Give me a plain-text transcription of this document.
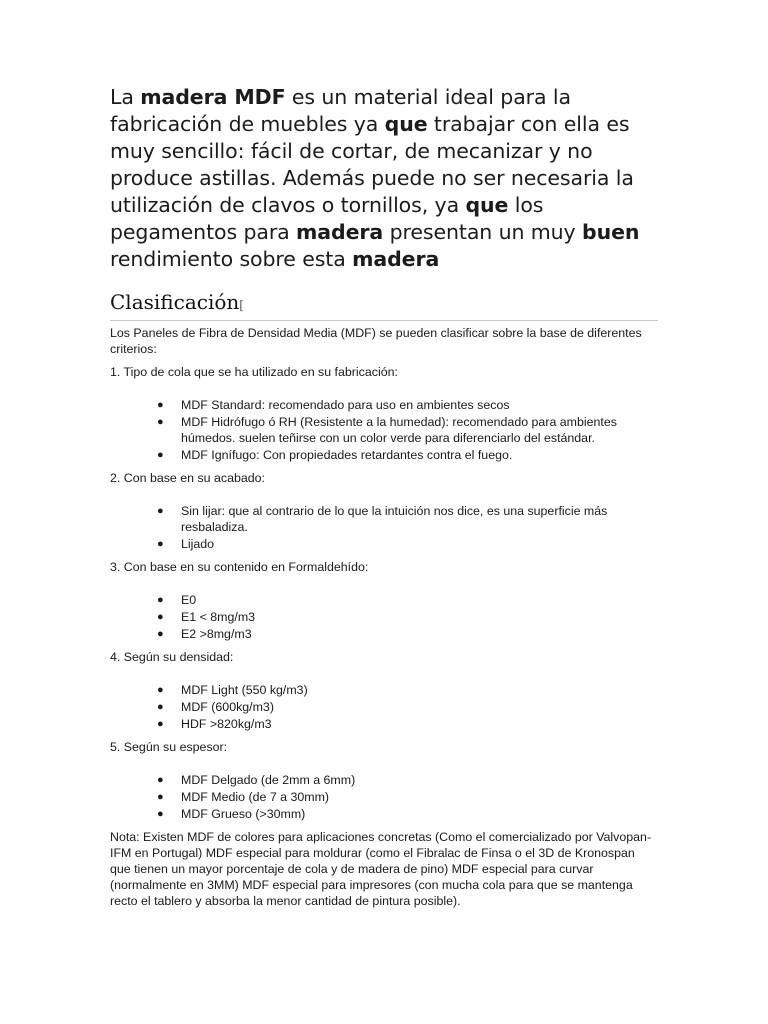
La madera MDF es un material ideal para la fabricación de muebles ya que trabajar con ella es muy sencillo: fácil de cortar, de mecanizar y no produce astillas. Además puede no ser necesaria la utilización de clavos o tornillos, ya que los pegamentos para madera presentan un muy buen rendimiento sobre esta madera

Clasificación[
Los Paneles de Fibra de Densidad Media (MDF) se pueden clasificar sobre la base de diferentes criterios:
1. Tipo de cola que se ha utilizado en su fabricación:
● MDF Standard: recomendado para uso en ambientes secos
● MDF Hidrófugo ó RH (Resistente a la humedad): recomendado para ambientes húmedos. suelen teñirse con un color verde para diferenciarlo del estándar.
● MDF Ignífugo: Con propiedades retardantes contra el fuego.
2. Con base en su acabado:
● Sin lijar: que al contrario de lo que la intuición nos dice, es una superficie más resbaladiza.
● Lijado
3. Con base en su contenido en Formaldehído:
● E0
● E1 < 8mg/m3
● E2 >8mg/m3
4. Según su densidad:
● MDF Light (550 kg/m3)
● MDF (600kg/m3)
● HDF >820kg/m3
5. Según su espesor:
● MDF Delgado (de 2mm a 6mm)
● MDF Medio (de 7 a 30mm)
● MDF Grueso (>30mm)
Nota: Existen MDF de colores para aplicaciones concretas (Como el comercializado por Valvopan-IFM en Portugal) MDF especial para moldurar (como el Fibralac de Finsa o el 3D de Kronospan que tienen un mayor porcentaje de cola y de madera de pino) MDF especial para curvar (normalmente en 3MM) MDF especial para impresores (con mucha cola para que se mantenga recto el tablero y absorba la menor cantidad de pintura posible).
